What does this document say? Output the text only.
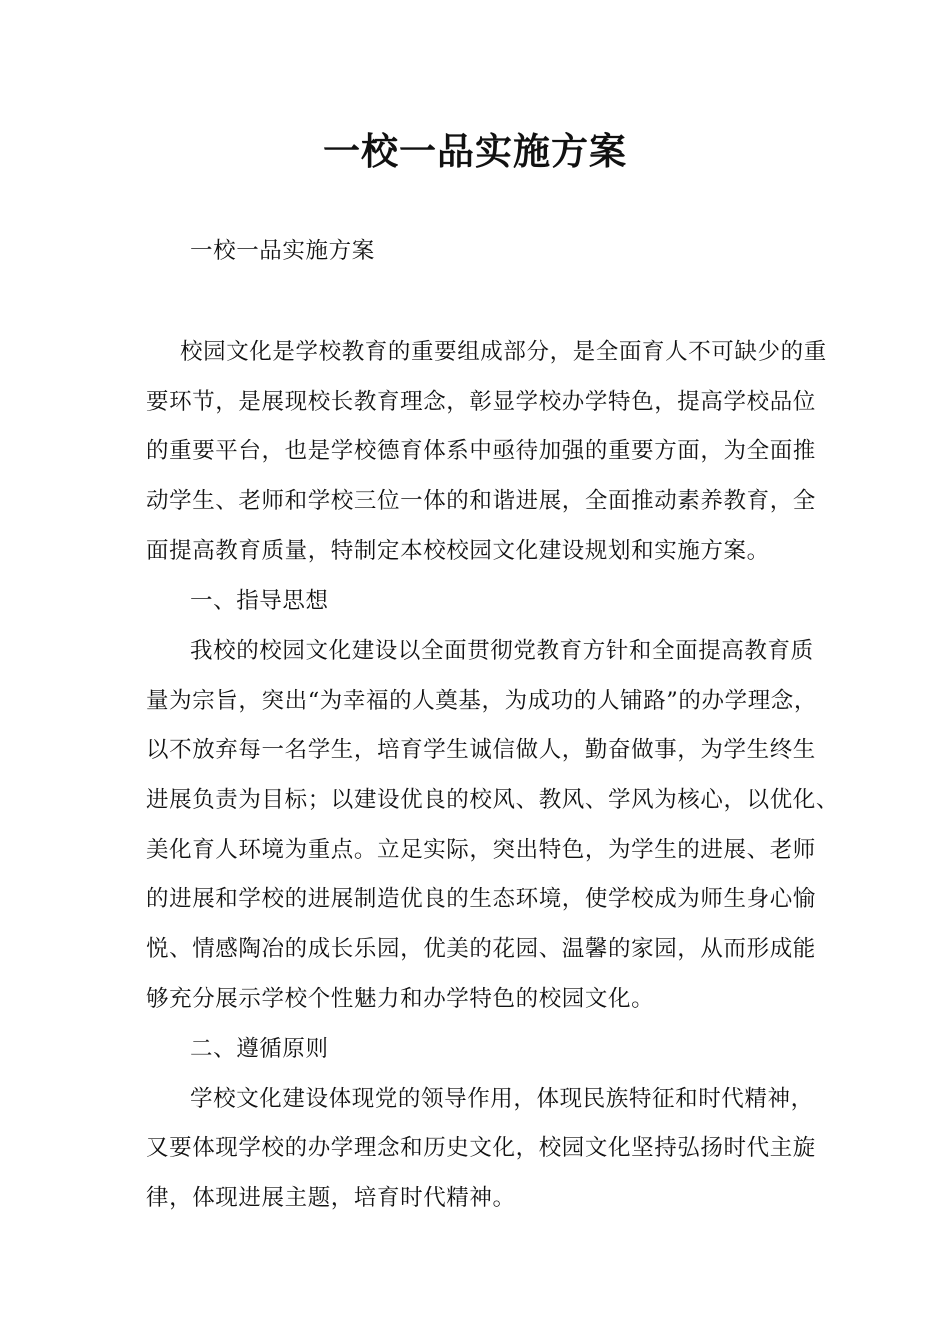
一校一品实施方案
一校一品实施方案
校园文化是学校教育的重要组成部分，是全面育人不可缺少的重
要环节，是展现校长教育理念，彰显学校办学特色，提高学校品位
的重要平台，也是学校德育体系中亟待加强的重要方面，为全面推
动学生、老师和学校三位一体的和谐进展，全面推动素养教育，全
面提高教育质量，特制定本校校园文化建设规划和实施方案。
一、指导思想
我校的校园文化建设以全面贯彻党教育方针和全面提高教育质
量为宗旨，突出“为幸福的人奠基，为成功的人铺路”的办学理念，
以不放弃每一名学生，培育学生诚信做人，勤奋做事，为学生终生
进展负责为目标；以建设优良的校风、教风、学风为核心，以优化、
美化育人环境为重点。立足实际，突出特色，为学生的进展、老师
的进展和学校的进展制造优良的生态环境，使学校成为师生身心愉
悦、情感陶冶的成长乐园，优美的花园、温馨的家园，从而形成能
够充分展示学校个性魅力和办学特色的校园文化。
二、遵循原则
学校文化建设体现党的领导作用，体现民族特征和时代精神，
又要体现学校的办学理念和历史文化，校园文化坚持弘扬时代主旋
律，体现进展主题，培育时代精神。
